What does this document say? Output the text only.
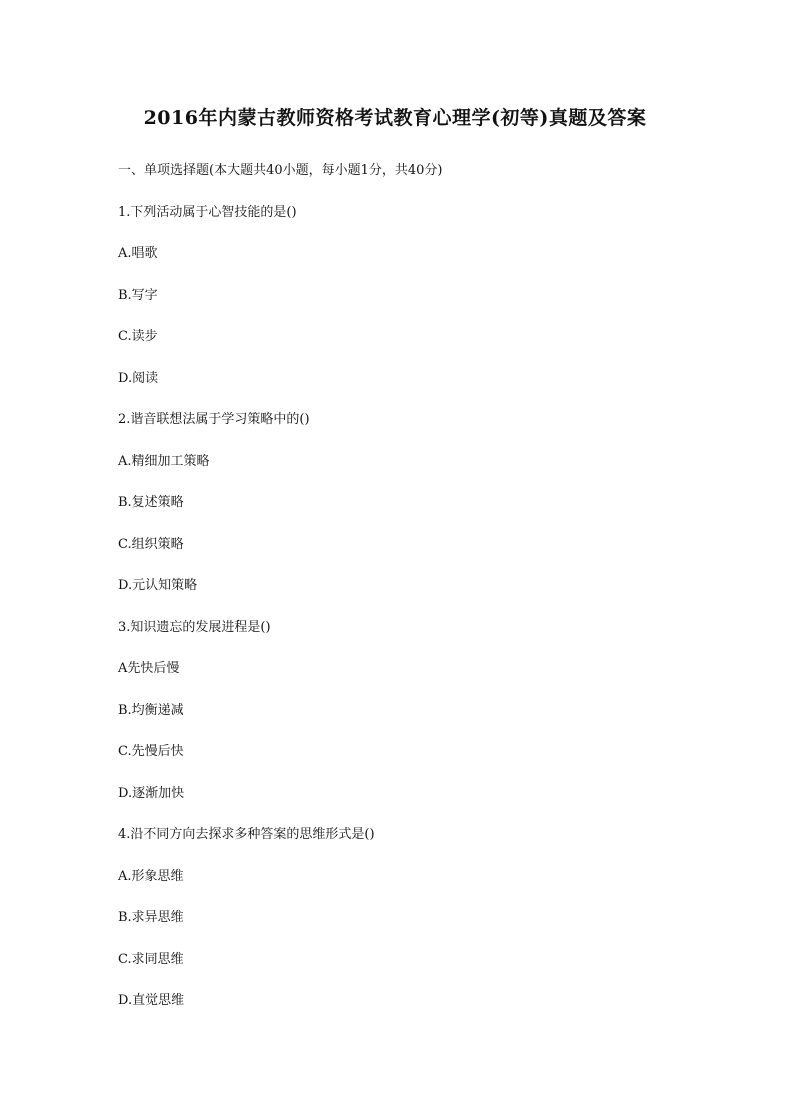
2016年内蒙古教师资格考试教育心理学(初等)真题及答案
一、单项选择题(本大题共40小题，每小题1分，共40分)
1.下列活动属于心智技能的是()
A.唱歌
B.写字
C.读步
D.阅读
2.谐音联想法属于学习策略中的()
A.精细加工策略
B.复述策略
C.组织策略
D.元认知策略
3.知识遗忘的发展进程是()
A先快后慢
B.均衡递减
C.先慢后快
D.逐渐加快
4.沿不同方向去探求多种答案的思维形式是()
A.形象思维
B.求异思维
C.求同思维
D.直觉思维
